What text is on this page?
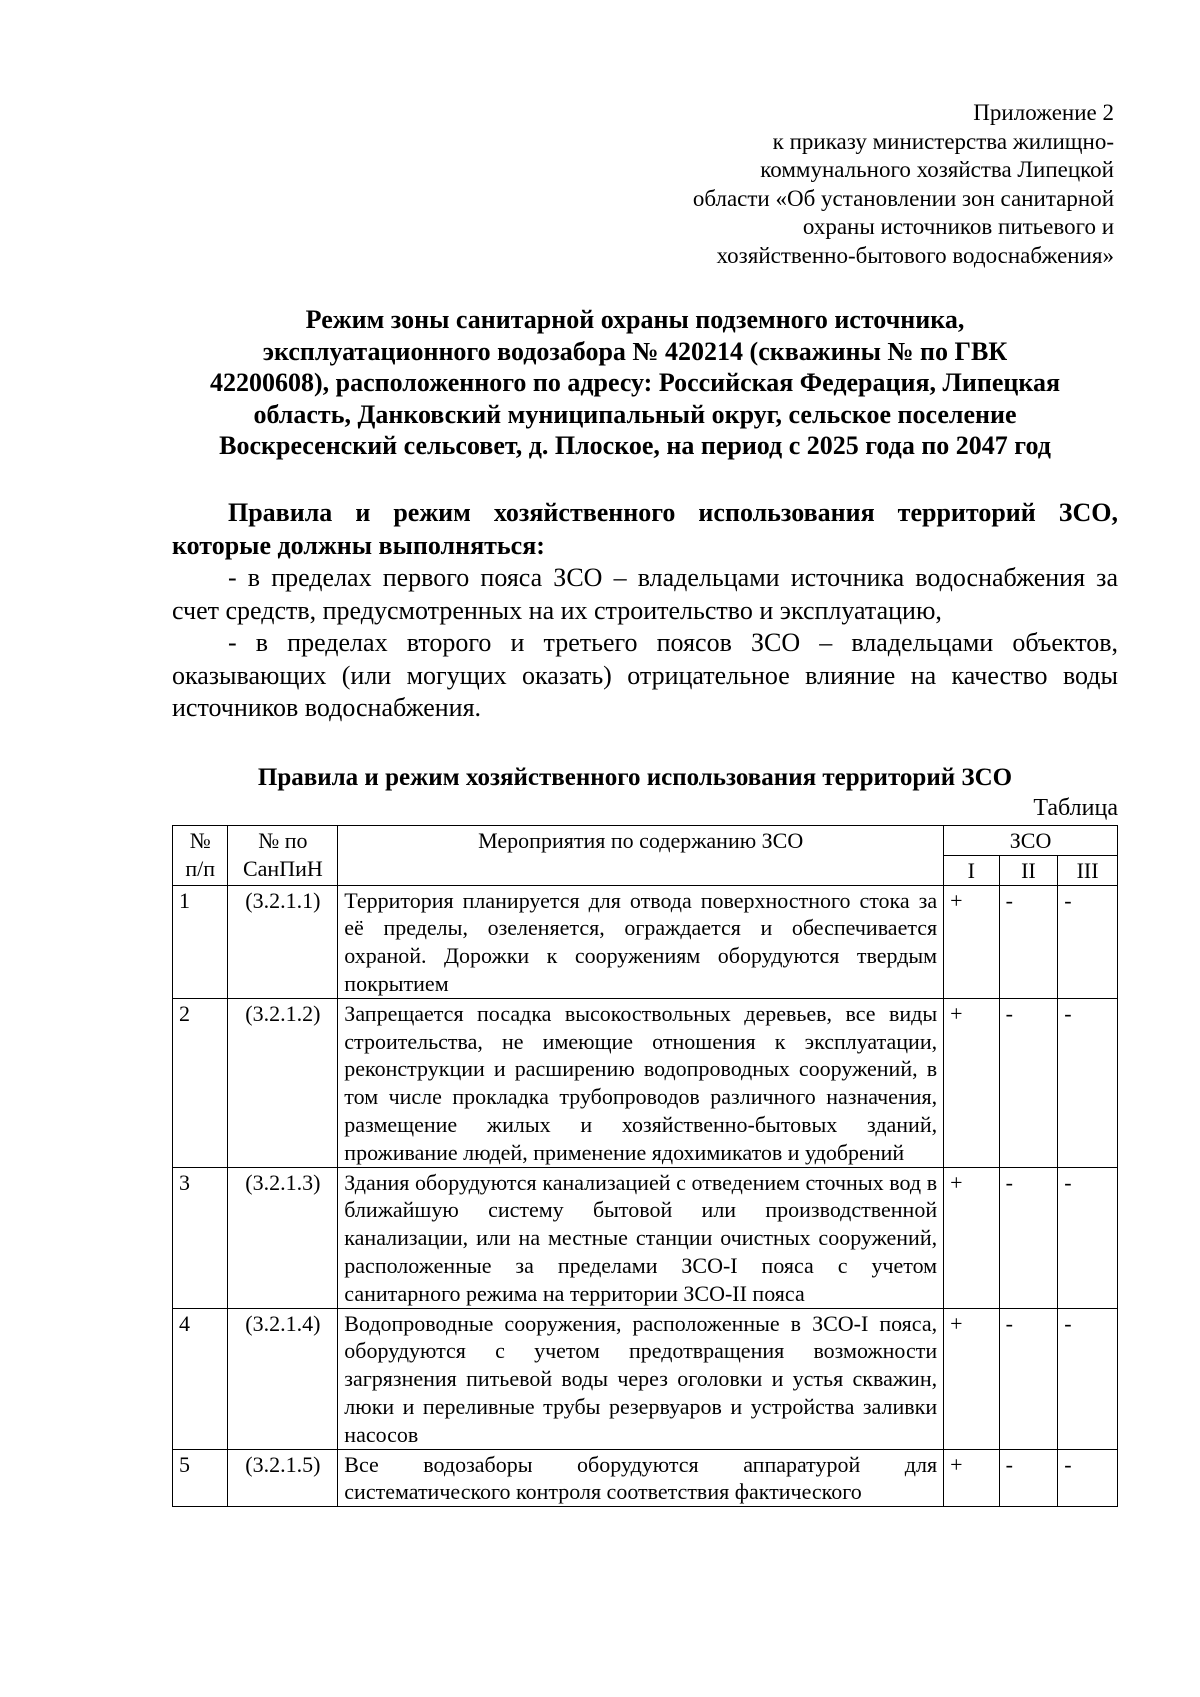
Приложение 2
к приказу министерства жилищно-
коммунального хозяйства Липецкой
области «Об установлении зон санитарной
охраны источников питьевого и
хозяйственно-бытового водоснабжения»
Режим зоны санитарной охраны подземного источника,
эксплуатационного водозабора № 420214 (скважины № по ГВК
42200608), расположенного по адресу: Российская Федерация, Липецкая
область, Данковский муниципальный округ, сельское поселение
Воскресенский сельсовет, д. Плоское, на период с 2025 года по 2047 год

Правила и режим хозяйственного использования территорий ЗСО, которые должны выполняться:

- в пределах первого пояса ЗСО – владельцами источника водоснабжения за счет средств, предусмотренных на их строительство и эксплуатацию,

- в пределах второго и третьего поясов ЗСО – владельцами объектов, оказывающих (или могущих оказать) отрицательное влияние на качество воды источников водоснабжения.

Правила и режим хозяйственного использования территорий ЗСО
Таблица
№ п/п	№ по СанПиН	Мероприятия по содержанию ЗСО	ЗСО		
			I	II	III
1	(3.2.1.1)	Территория планируется для отвода поверхностного стока за её пределы, озеленяется, ограждается и обеспечивается охраной. Дорожки к сооружениям оборудуются твердым покрытием	+	-	-
2	(3.2.1.2)	Запрещается посадка высокоствольных деревьев, все виды строительства, не имеющие отношения к эксплуатации, реконструкции и расширению водопроводных сооружений, в том числе прокладка трубопроводов различного назначения, размещение жилых и хозяйственно-бытовых зданий, проживание людей, применение ядохимикатов и удобрений	+	-	-
3	(3.2.1.3)	Здания оборудуются канализацией с отведением сточных вод в ближайшую систему бытовой или производственной канализации, или на местные станции очистных сооружений, расположенные за пределами ЗСО-I пояса с учетом санитарного режима на территории ЗСО-II пояса	+	-	-
4	(3.2.1.4)	Водопроводные сооружения, расположенные в ЗСО-I пояса, оборудуются с учетом предотвращения возможности загрязнения питьевой воды через оголовки и устья скважин, люки и переливные трубы резервуаров и устройства заливки насосов	+	-	-
5	(3.2.1.5)	Все водозаборы оборудуются аппаратурой для систематического контроля соответствия фактического	+	-	-
